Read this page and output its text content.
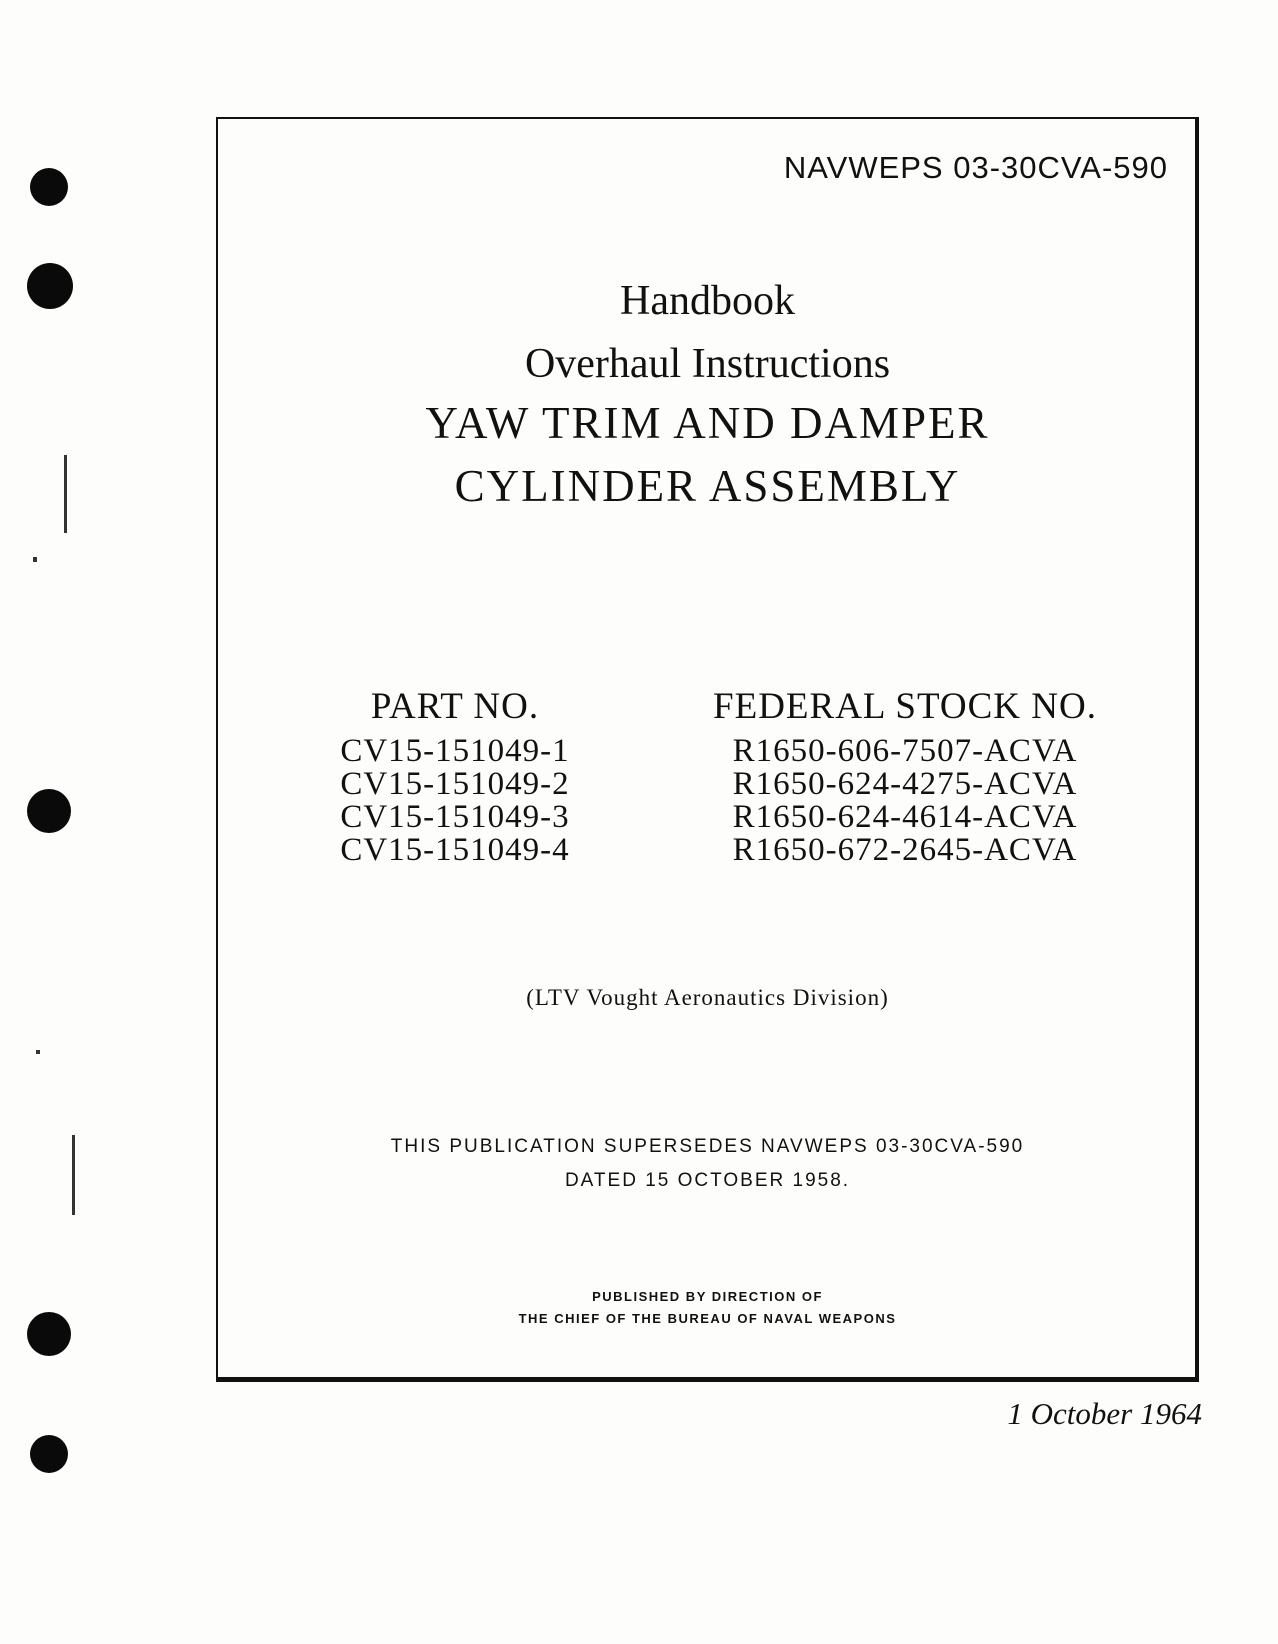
NAVWEPS 03-30CVA-590
Handbook
Overhaul Instructions
YAW TRIM AND DAMPER
CYLINDER ASSEMBLY
PART NO.
CV15-151049-1
CV15-151049-2
CV15-151049-3
CV15-151049-4
FEDERAL STOCK NO.
R1650-606-7507-ACVA
R1650-624-4275-ACVA
R1650-624-4614-ACVA
R1650-672-2645-ACVA
(LTV Vought Aeronautics Division)
THIS PUBLICATION SUPERSEDES NAVWEPS 03-30CVA-590
DATED 15 OCTOBER 1958.
PUBLISHED BY DIRECTION OF
THE CHIEF OF THE BUREAU OF NAVAL WEAPONS
1 October 1964
